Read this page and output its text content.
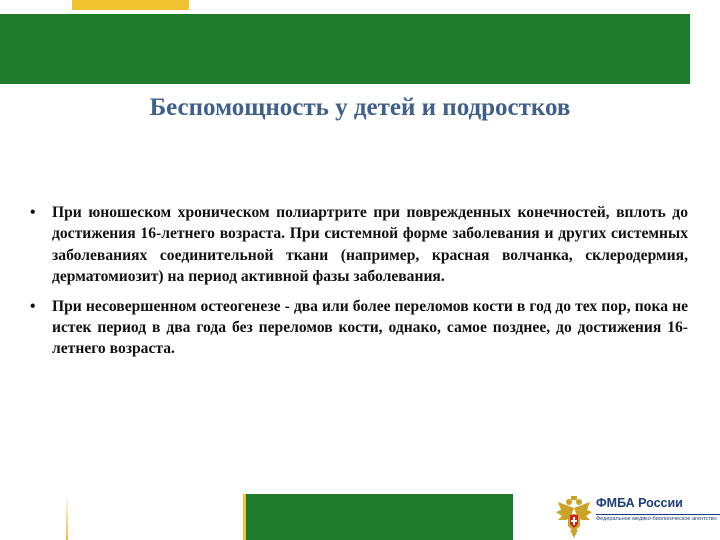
Беспомощность у детей и подростков
•	При юношеском хроническом полиартрите при поврежденных конечностей, вплоть до достижения 16-летнего возраста. При системной форме заболевания и других системных заболеваниях соединительной ткани (например, красная волчанка, склеродермия, дерматомиозит) на период активной фазы заболевания.
•	При несовершенном остеогенезе - два или более переломов кости в год до тех пор, пока не истек период в два года без переломов кости, однако, самое позднее, до достижения 16-летнего возраста.
ФМБА России
Федеральное медико-биологическое агентство
